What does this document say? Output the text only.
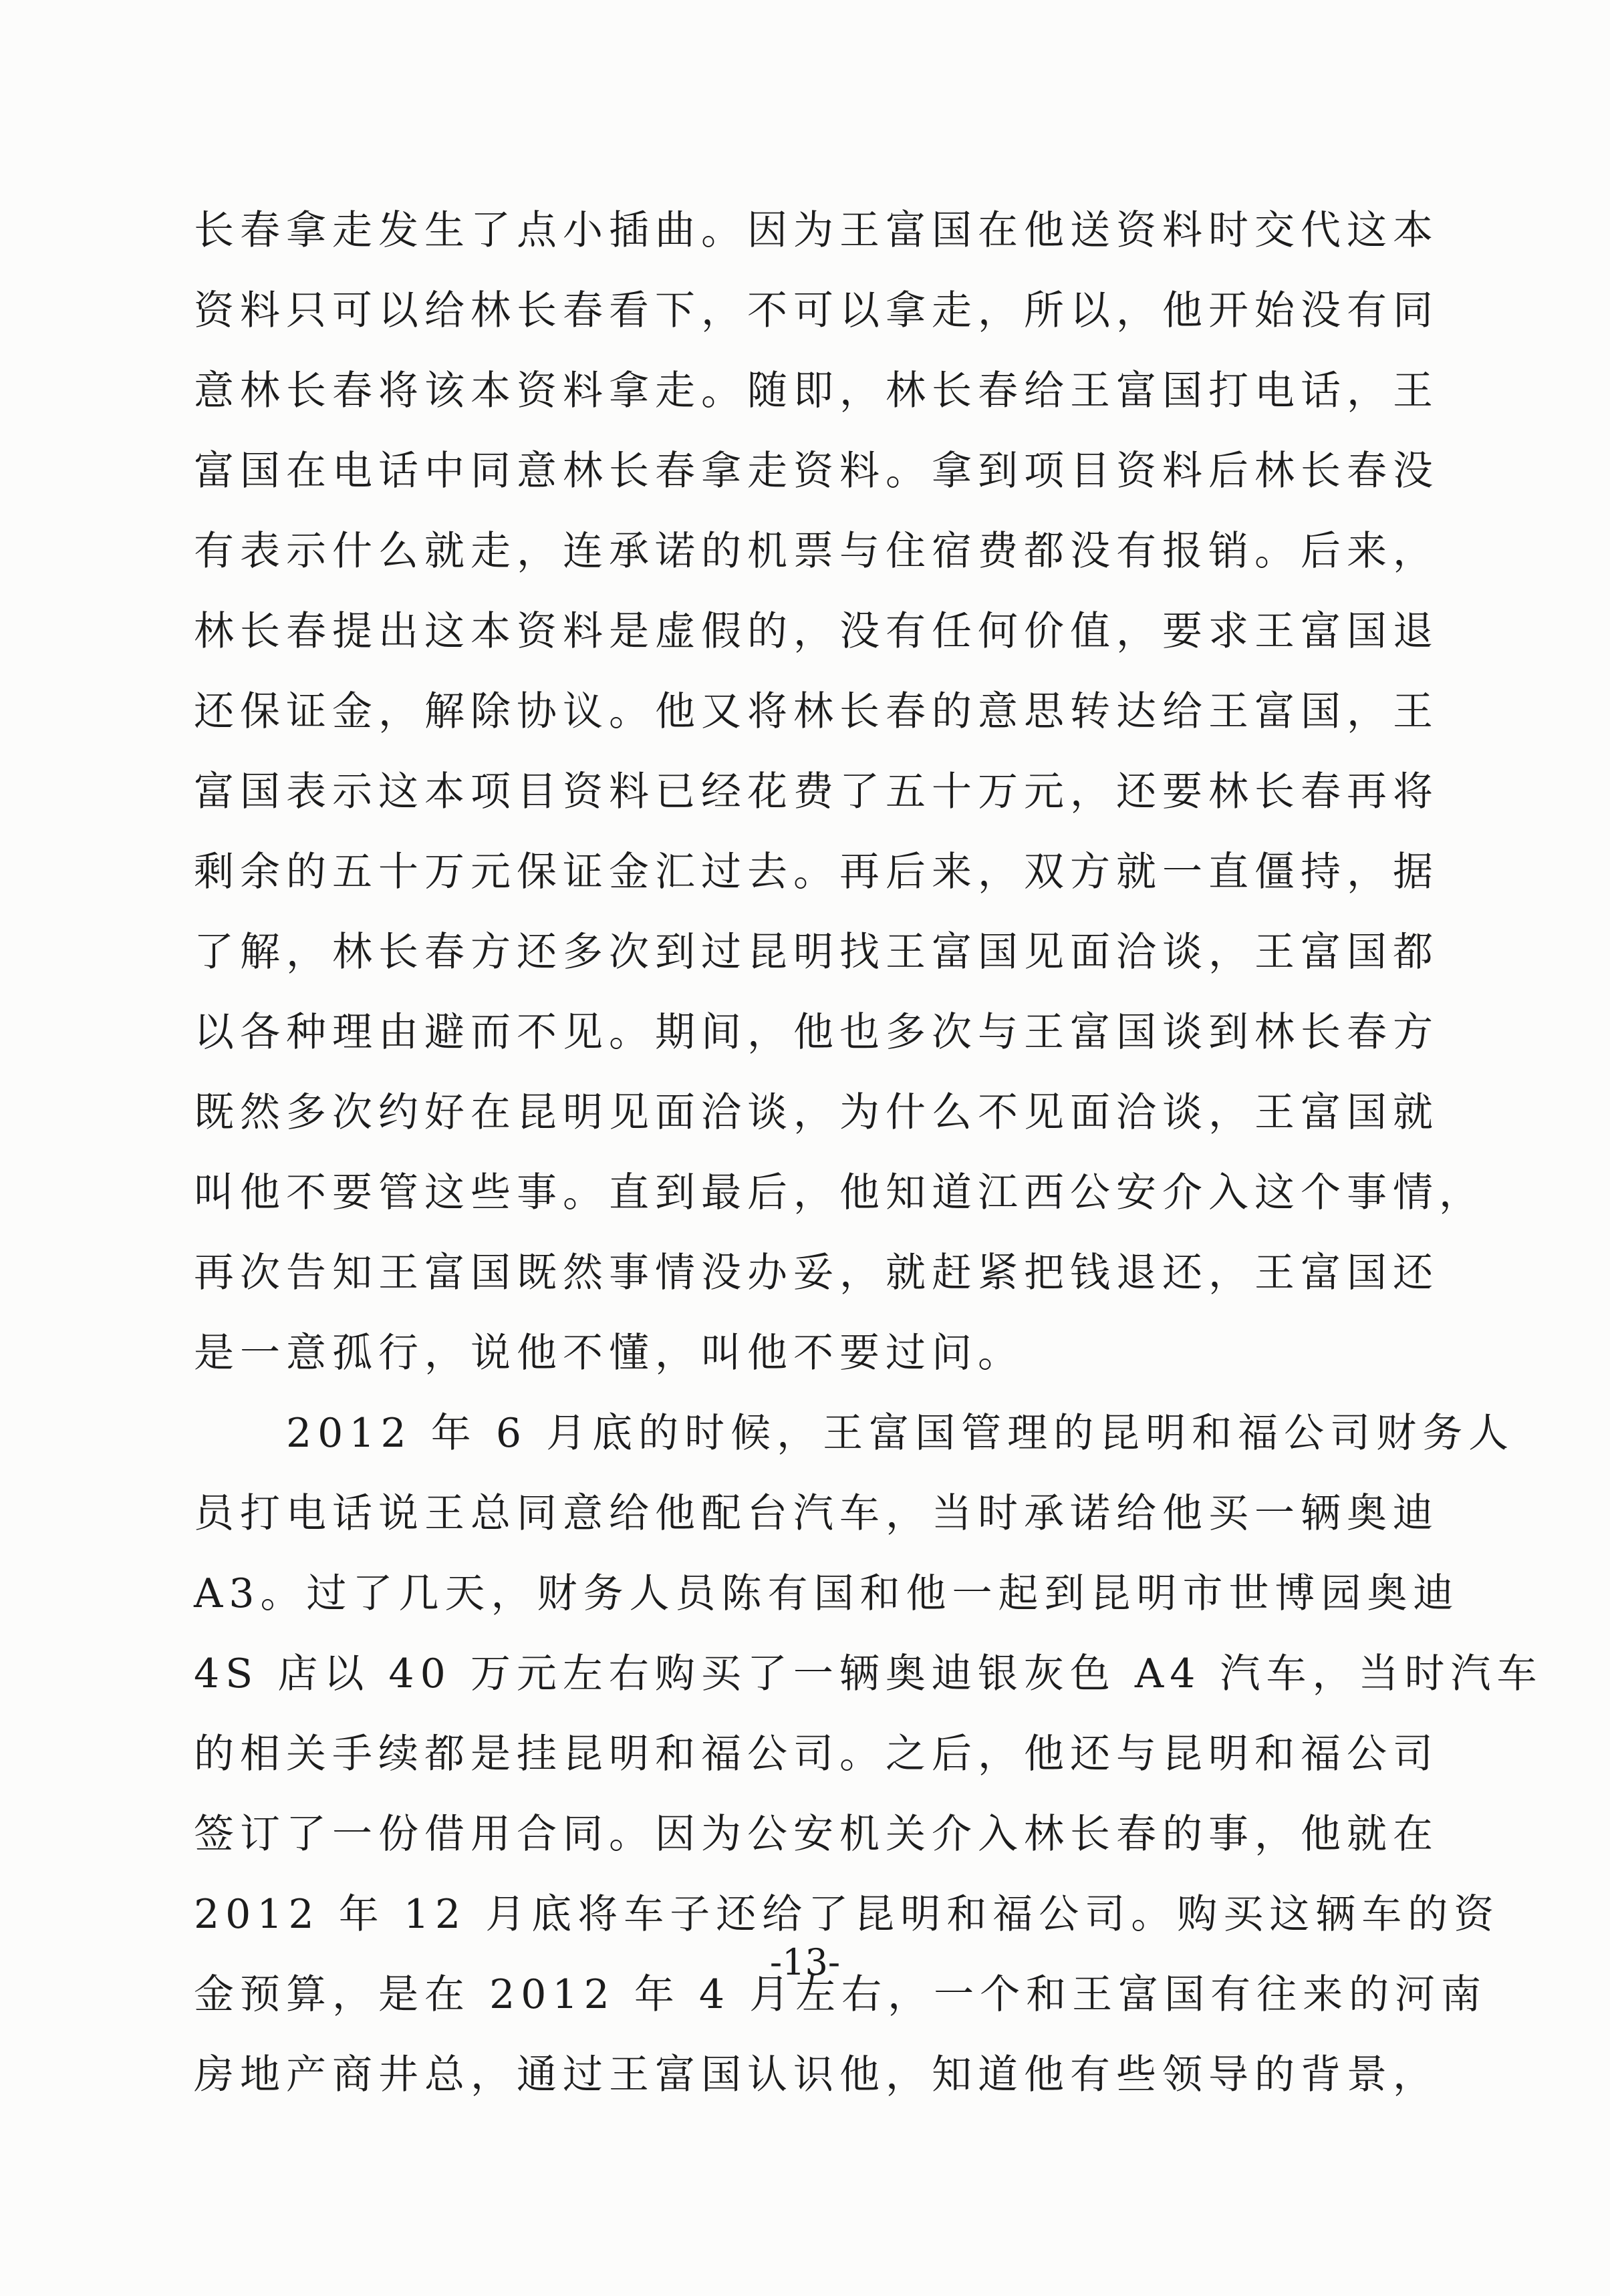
长春拿走发生了点小插曲。因为王富国在他送资料时交代这本
资料只可以给林长春看下，不可以拿走，所以，他开始没有同
意林长春将该本资料拿走。随即，林长春给王富国打电话，王
富国在电话中同意林长春拿走资料。拿到项目资料后林长春没
有表示什么就走，连承诺的机票与住宿费都没有报销。后来，
林长春提出这本资料是虚假的，没有任何价值，要求王富国退
还保证金，解除协议。他又将林长春的意思转达给王富国，王
富国表示这本项目资料已经花费了五十万元，还要林长春再将
剩余的五十万元保证金汇过去。再后来，双方就一直僵持，据
了解，林长春方还多次到过昆明找王富国见面洽谈，王富国都
以各种理由避而不见。期间，他也多次与王富国谈到林长春方
既然多次约好在昆明见面洽谈，为什么不见面洽谈，王富国就
叫他不要管这些事。直到最后，他知道江西公安介入这个事情，
再次告知王富国既然事情没办妥，就赶紧把钱退还，王富国还
是一意孤行，说他不懂，叫他不要过问。
　　2012 年 6 月底的时候，王富国管理的昆明和福公司财务人
员打电话说王总同意给他配台汽车，当时承诺给他买一辆奥迪
A3。过了几天，财务人员陈有国和他一起到昆明市世博园奥迪
4S 店以 40 万元左右购买了一辆奥迪银灰色 A4 汽车，当时汽车
的相关手续都是挂昆明和福公司。之后，他还与昆明和福公司
签订了一份借用合同。因为公安机关介入林长春的事，他就在
2012 年 12 月底将车子还给了昆明和福公司。购买这辆车的资
金预算，是在 2012 年 4 月左右，一个和王富国有往来的河南
房地产商井总，通过王富国认识他，知道他有些领导的背景，
-13-
